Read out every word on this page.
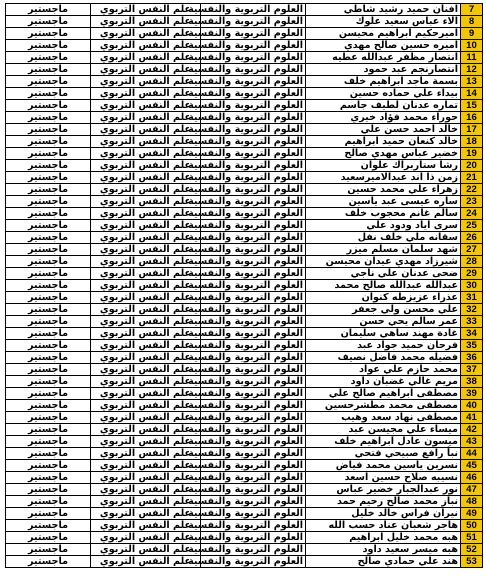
7	افنان حميد رشيد شاطي	العلوم التربوية والنفسية	علم النفس التربوي	ماجستير
8	الاء عباس سعيد علوك	العلوم التربوية والنفسية	علم النفس التربوي	ماجستير
9	اميرحكيم ابراهيم محيسن	العلوم التربوية والنفسية	علم النفس التربوي	ماجستير
10	اميره حسين صالح مهدي	العلوم التربوية والنفسية	علم النفس التربوي	ماجستير
11	انتصار مظفر عبدالله عطيه	العلوم التربوية والنفسية	علم النفس التربوي	ماجستير
12	انتصارنجم عبد حمود	العلوم التربوية والنفسية	علم النفس التربوي	ماجستير
13	بسمة ماجد ابراهيم خلف	العلوم التربوية والنفسية	علم النفس التربوي	ماجستير
14	بيداء علي حماده حسين	العلوم التربوية والنفسية	علم النفس التربوي	ماجستير
15	تماره عدنان لطيف جاسم	العلوم التربوية والنفسية	علم النفس التربوي	ماجستير
16	حوراء محمد فؤاد خيري	العلوم التربوية والنفسية	علم النفس التربوي	ماجستير
17	خالد احمد حسن علي	العلوم التربوية والنفسية	علم النفس التربوي	ماجستير
18	خالد كنعان حميد ابراهيم	العلوم التربوية والنفسية	علم النفس التربوي	ماجستير
19	خضير عباس مهدي صالح	العلوم التربوية والنفسية	علم النفس التربوي	ماجستير
20	رشا ستاربراك علوان	العلوم التربوية والنفسية	علم النفس التربوي	ماجستير
21	زمن ذا اند عبدالاميرسعيد	العلوم التربوية والنفسية	علم النفس التربوي	ماجستير
22	زهراء علي محمد حسين	العلوم التربوية والنفسية	علم النفس التربوي	ماجستير
23	ساره عيسى عبد ياسين	العلوم التربوية والنفسية	علم النفس التربوي	ماجستير
24	سالم غانم محجوب خلف	العلوم التربوية والنفسية	علم النفس التربوي	ماجستير
25	سرى اياد ودود علي	العلوم التربوية والنفسية	علم النفس التربوي	ماجستير
26	سقانه ملي خلف نفل	العلوم التربوية والنفسية	علم النفس التربوي	ماجستير
27	شهد سلمان مسلم ميزر	العلوم التربوية والنفسية	علم النفس التربوي	ماجستير
28	شيرزاد مهدي عيدان محيسن	العلوم التربوية والنفسية	علم النفس التربوي	ماجستير
29	ضحى عدنان علي ناجي	العلوم التربوية والنفسية	علم النفس التربوي	ماجستير
30	عبدالله عبدالله صالح محمد	العلوم التربوية والنفسية	علم النفس التربوي	ماجستير
31	عذراء عزيزطه كنوان	العلوم التربوية والنفسية	علم النفس التربوي	ماجستير
32	علي محسن ولي جعفر	العلوم التربوية والنفسية	علم النفس التربوي	ماجستير
33	عمر سالم يحي حسن	العلوم التربوية والنفسية	علم النفس التربوي	ماجستير
34	غادة مهند ساهي سليمان	العلوم التربوية والنفسية	علم النفس التربوي	ماجستير
35	فرحان حميد جواد عبد	العلوم التربوية والنفسية	علم النفس التربوي	ماجستير
36	فضيله محمد فاضل نصيف	العلوم التربوية والنفسية	علم النفس التربوي	ماجستير
37	محمد حازم علي عواد	العلوم التربوية والنفسية	علم النفس التربوي	ماجستير
38	مريم غالي غضبان داود	العلوم التربوية والنفسية	علم النفس التربوي	ماجستير
39	مصطفى ابراهيم صالح علي	العلوم التربوية والنفسية	علم النفس التربوي	ماجستير
40	مصطفى محمد مطشرحسين	العلوم التربوية والنفسية	علم النفس التربوي	ماجستير
41	مصطفى نهاد سعد وهيب	العلوم التربوية والنفسية	علم النفس التربوي	ماجستير
42	ميساء علي مجيسن عبد	العلوم التربوية والنفسية	علم النفس التربوي	ماجستير
43	ميسون عادل ابراهيم خلف	العلوم التربوية والنفسية	علم النفس التربوي	ماجستير
44	نبأ رافع صبيحي فتحي	العلوم التربوية والنفسية	علم النفس التربوي	ماجستير
45	نسرين ياسين محمد فياض	العلوم التربوية والنفسية	علم النفس التربوي	ماجستير
46	نسيبه صلاح حسين اسعد	العلوم التربوية والنفسية	علم النفس التربوي	ماجستير
47	نور عبدالجبار خضير عباس	العلوم التربوية والنفسية	علم النفس التربوي	ماجستير
48	نباز محمد صالح رحيم حمد	العلوم التربوية والنفسية	علم النفس التربوي	ماجستير
49	نيران فراس خالد خليل	العلوم التربوية والنفسية	علم النفس التربوي	ماجستير
50	هاجر شعبان عناد حسب الله	العلوم التربوية والنفسية	علم النفس التربوي	ماجستير
51	هبه محمد خليل ابراهيم	العلوم التربوية والنفسية	علم النفس التربوي	ماجستير
52	هبه ميسر سعيد داود	العلوم التربوية والنفسية	علم النفس التربوي	ماجستير
53	هند علي حمادي صالح	العلوم التربوية والنفسية	علم النفس التربوي	ماجستير
